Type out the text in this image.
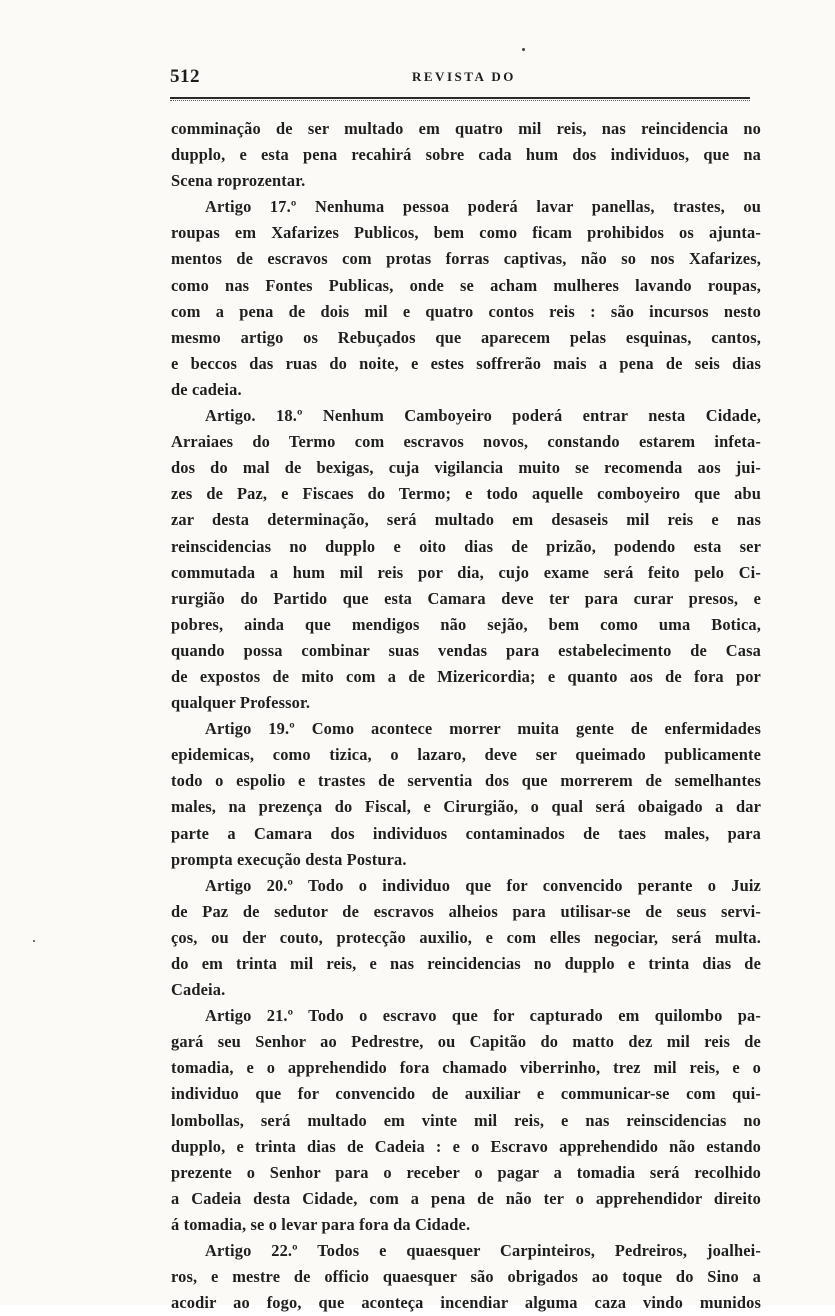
512	REVISTA DO
comminação de ser multado em quatro mil reis, nas reincidencia no
dupplo, e esta pena recahirá sobre cada hum dos individuos, que na
Scena roprozentar.
Artigo 17.º Nenhuma pessoa poderá lavar panellas, trastes, ou
roupas em Xafarizes Publicos, bem como ficam prohibidos os ajunta-
mentos de escravos com protas forras captivas, não so nos Xafarizes,
como nas Fontes Publicas, onde se acham mulheres lavando roupas,
com a pena de dois mil e quatro contos reis : são incursos nesto
mesmo artigo os Rebuçados que aparecem pelas esquinas, cantos,
e beccos das ruas do noite, e estes soffrerão mais a pena de seis dias
de cadeia.
Artigo. 18.º Nenhum Camboyeiro poderá entrar nesta Cidade,
Arraiaes do Termo com escravos novos, constando estarem infeta-
dos do mal de bexigas, cuja vigilancia muito se recomenda aos jui-
zes de Paz, e Fiscaes do Termo; e todo aquelle comboyeiro que abu
zar desta determinação, será multado em desaseis mil reis e nas
reinscidencias no dupplo e oito dias de prizão, podendo esta ser
commutada a hum mil reis por dia, cujo exame será feito pelo Ci-
rurgião do Partido que esta Camara deve ter para curar presos, e
pobres, ainda que mendigos não sejão, bem como uma Botica,
quando possa combinar suas vendas para estabelecimento de Casa
de expostos de mito com a de Mizericordia; e quanto aos de fora por
qualquer Professor.
Artigo 19.º Como acontece morrer muita gente de enfermidades
epidemicas, como tizica, o lazaro, deve ser queimado publicamente
todo o espolio e trastes de serventia dos que morrerem de semelhantes
males, na prezença do Fiscal, e Cirurgião, o qual será obaigado a dar
parte a Camara dos individuos contaminados de taes males, para
prompta execução desta Postura.
Artigo 20.º Todo o individuo que for convencido perante o Juiz
de Paz de sedutor de escravos alheios para utilisar-se de seus servi-
ços, ou der couto, protecção auxilio, e com elles negociar, será multa.
do em trinta mil reis, e nas reincidencias no dupplo e trinta dias de
Cadeia.
Artigo 21.º Todo o escravo que for capturado em quilombo pa-
gará seu Senhor ao Pedrestre, ou Capitão do matto dez mil reis de
tomadia, e o apprehendido fora chamado viberrinho, trez mil reis, e o
individuo que for convencido de auxiliar e communicar-se com qui-
lombollas, será multado em vinte mil reis, e nas reinscidencias no
dupplo, e trinta dias de Cadeia : e o Escravo apprehendido não estando
prezente o Senhor para o receber o pagar a tomadia será recolhido
a Cadeia desta Cidade, com a pena de não ter o apprehendidor direito
á tomadia, se o levar para fora da Cidade.
Artigo 22.º Todos e quaesquer Carpinteiros, Pedreiros, joalhei-
ros, e mestre de officio quaesquer são obrigados ao toque do Sino a
acodir ao fogo, que aconteça incendiar alguma caza vindo munidos
